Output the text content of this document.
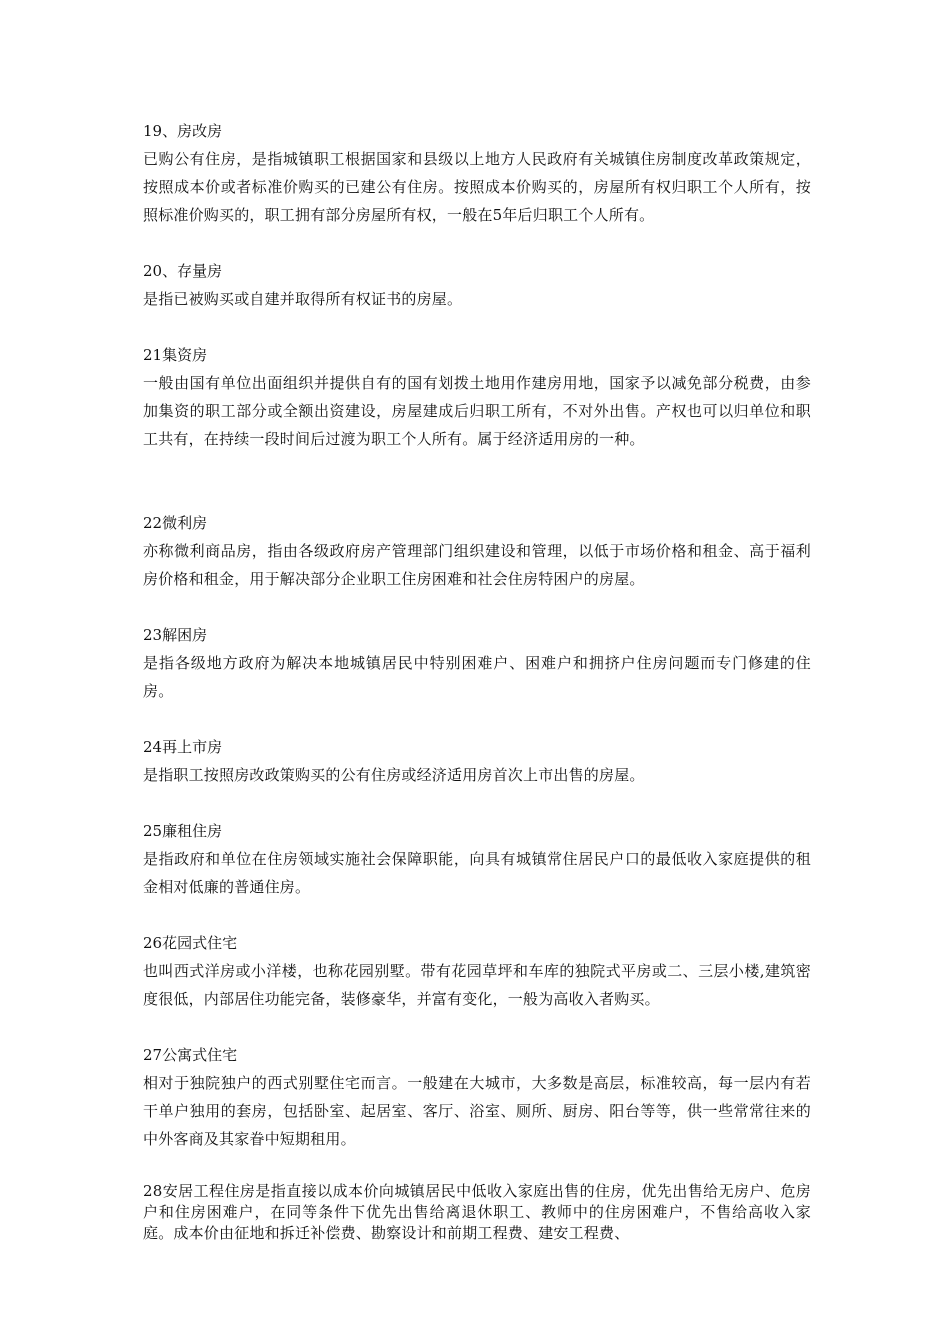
19、房改房

已购公有住房，是指城镇职工根据国家和县级以上地方人民政府有关城镇住房制度改革政策规定，按照成本价或者标准价购买的已建公有住房。按照成本价购买的，房屋所有权归职工个人所有，按照标准价购买的，职工拥有部分房屋所有权，一般在5年后归职工个人所有。

20、存量房

是指已被购买或自建并取得所有权证书的房屋。

21集资房

一般由国有单位出面组织并提供自有的国有划拨土地用作建房用地，国家予以减免部分税费，由参加集资的职工部分或全额出资建设，房屋建成后归职工所有，不对外出售。产权也可以归单位和职工共有，在持续一段时间后过渡为职工个人所有。属于经济适用房的一种。

22微利房

亦称微利商品房，指由各级政府房产管理部门组织建设和管理，以低于市场价格和租金、高于福利房价格和租金，用于解决部分企业职工住房困难和社会住房特困户的房屋。

23解困房

是指各级地方政府为解决本地城镇居民中特别困难户、困难户和拥挤户住房问题而专门修建的住房。

24再上市房

是指职工按照房改政策购买的公有住房或经济适用房首次上市出售的房屋。

25廉租住房

是指政府和单位在住房领域实施社会保障职能，向具有城镇常住居民户口的最低收入家庭提供的租金相对低廉的普通住房。

26花园式住宅

也叫西式洋房或小洋楼，也称花园别墅。带有花园草坪和车库的独院式平房或二、三层小楼,建筑密度很低，内部居住功能完备，装修豪华，并富有变化，一般为高收入者购买。

27公寓式住宅

相对于独院独户的西式别墅住宅而言。一般建在大城市，大多数是高层，标准较高，每一层内有若干单户独用的套房，包括卧室、起居室、客厅、浴室、厕所、厨房、阳台等等，供一些常常往来的中外客商及其家眷中短期租用。

28安居工程住房是指直接以成本价向城镇居民中低收入家庭出售的住房，优先出售给无房户、危房户和住房困难户，在同等条件下优先出售给离退休职工、教师中的住房困难户，不售给高收入家庭。成本价由征地和拆迁补偿费、勘察设计和前期工程费、建安工程费、
